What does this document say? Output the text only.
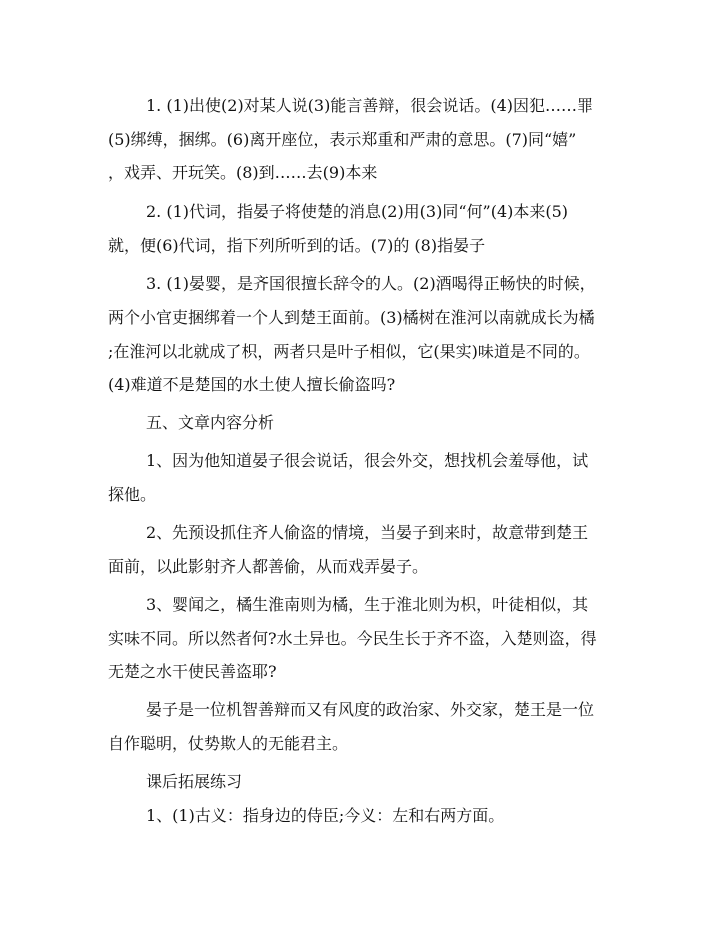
1. (1)出使(2)对某人说(3)能言善辩，很会说话。(4)因犯……罪
(5)绑缚，捆绑。(6)离开座位，表示郑重和严肃的意思。(7)同“嬉”
，戏弄、开玩笑。(8)到……去(9)本来
2. (1)代词，指晏子将使楚的消息(2)用(3)同“何”(4)本来(5)
就，便(6)代词，指下列所听到的话。(7)的 (8)指晏子
3. (1)晏婴，是齐国很擅长辞令的人。(2)酒喝得正畅快的时候，
两个小官吏捆绑着一个人到楚王面前。(3)橘树在淮河以南就成长为橘
;在淮河以北就成了枳，两者只是叶子相似，它(果实)味道是不同的。
(4)难道不是楚国的水土使人擅长偷盗吗?
五、文章内容分析
1、因为他知道晏子很会说话，很会外交，想找机会羞辱他，试
探他。
2、先预设抓住齐人偷盗的情境，当晏子到来时，故意带到楚王
面前，以此影射齐人都善偷，从而戏弄晏子。
3、婴闻之，橘生淮南则为橘，生于淮北则为枳，叶徒相似，其
实味不同。所以然者何?水土异也。今民生长于齐不盗，入楚则盗，得
无楚之水干使民善盗耶?
晏子是一位机智善辩而又有风度的政治家、外交家，楚王是一位
自作聪明，仗势欺人的无能君主。
课后拓展练习
1、(1)古义：指身边的侍臣;今义：左和右两方面。
